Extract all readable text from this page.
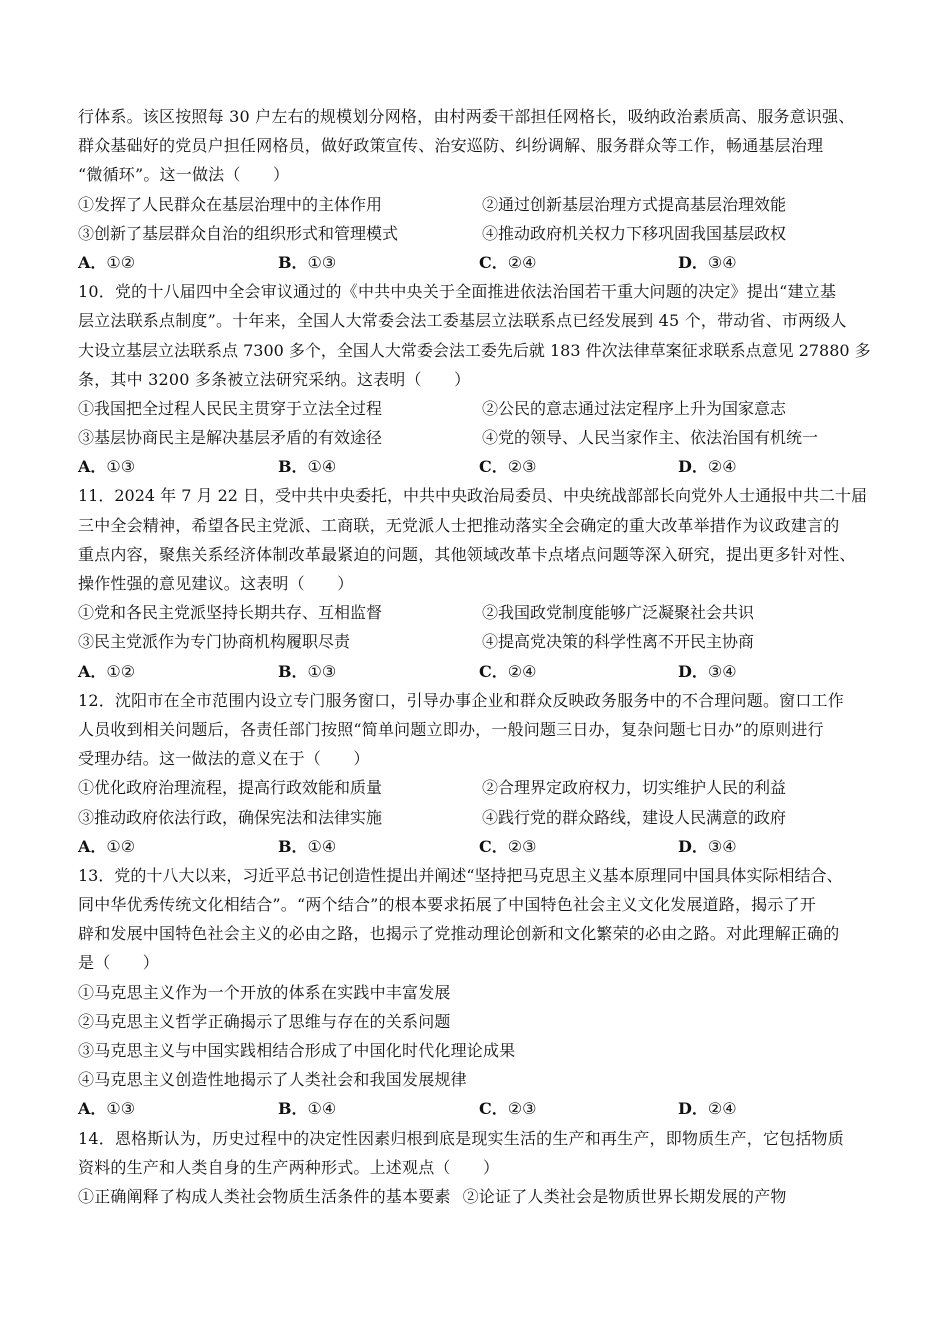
行体系。该区按照每 30 户左右的规模划分网格，由村两委干部担任网格长，吸纳政治素质高、服务意识强、
群众基础好的党员户担任网格员，做好政策宣传、治安巡防、纠纷调解、服务群众等工作，畅通基层治理
“微循环”。这一做法（　　）
①发挥了人民群众在基层治理中的主体作用	②通过创新基层治理方式提高基层治理效能
③创新了基层群众自治的组织形式和管理模式	④推动政府机关权力下移巩固我国基层政权
A．①②	B．①③	C．②④	D．③④
10．党的十八届四中全会审议通过的《中共中央关于全面推进依法治国若干重大问题的决定》提出“建立基
层立法联系点制度”。十年来，全国人大常委会法工委基层立法联系点已经发展到 45 个，带动省、市两级人
大设立基层立法联系点 7300 多个，全国人大常委会法工委先后就 183 件次法律草案征求联系点意见 27880 多
条，其中 3200 多条被立法研究采纳。这表明（　　）
①我国把全过程人民民主贯穿于立法全过程	②公民的意志通过法定程序上升为国家意志
③基层协商民主是解决基层矛盾的有效途径	④党的领导、人民当家作主、依法治国有机统一
A．①③	B．①④	C．②③	D．②④
11．2024 年 7 月 22 日，受中共中央委托，中共中央政治局委员、中央统战部部长向党外人士通报中共二十届
三中全会精神，希望各民主党派、工商联，无党派人士把推动落实全会确定的重大改革举措作为议政建言的
重点内容，聚焦关系经济体制改革最紧迫的问题，其他领域改革卡点堵点问题等深入研究，提出更多针对性、
操作性强的意见建议。这表明（　　）
①党和各民主党派坚持长期共存、互相监督	②我国政党制度能够广泛凝聚社会共识
③民主党派作为专门协商机构履职尽责	④提高党决策的科学性离不开民主协商
A．①②	B．①③	C．②④	D．③④
12．沈阳市在全市范围内设立专门服务窗口，引导办事企业和群众反映政务服务中的不合理问题。窗口工作
人员收到相关问题后，各责任部门按照“简单问题立即办，一般问题三日办，复杂问题七日办”的原则进行
受理办结。这一做法的意义在于（　　）
①优化政府治理流程，提高行政效能和质量	②合理界定政府权力，切实维护人民的利益
③推动政府依法行政，确保宪法和法律实施	④践行党的群众路线，建设人民满意的政府
A．①②	B．①④	C．②③	D．③④
13．党的十八大以来，习近平总书记创造性提出并阐述“坚持把马克思主义基本原理同中国具体实际相结合、
同中华优秀传统文化相结合”。“两个结合”的根本要求拓展了中国特色社会主义文化发展道路，揭示了开
辟和发展中国特色社会主义的必由之路，也揭示了党推动理论创新和文化繁荣的必由之路。对此理解正确的
是（　　）
①马克思主义作为一个开放的体系在实践中丰富发展
②马克思主义哲学正确揭示了思维与存在的关系问题
③马克思主义与中国实践相结合形成了中国化时代化理论成果
④马克思主义创造性地揭示了人类社会和我国发展规律
A．①③	B．①④	C．②③	D．②④
14．恩格斯认为，历史过程中的决定性因素归根到底是现实生活的生产和再生产，即物质生产，它包括物质
资料的生产和人类自身的生产两种形式。上述观点（　　）
①正确阐释了构成人类社会物质生活条件的基本要素 ②论证了人类社会是物质世界长期发展的产物
